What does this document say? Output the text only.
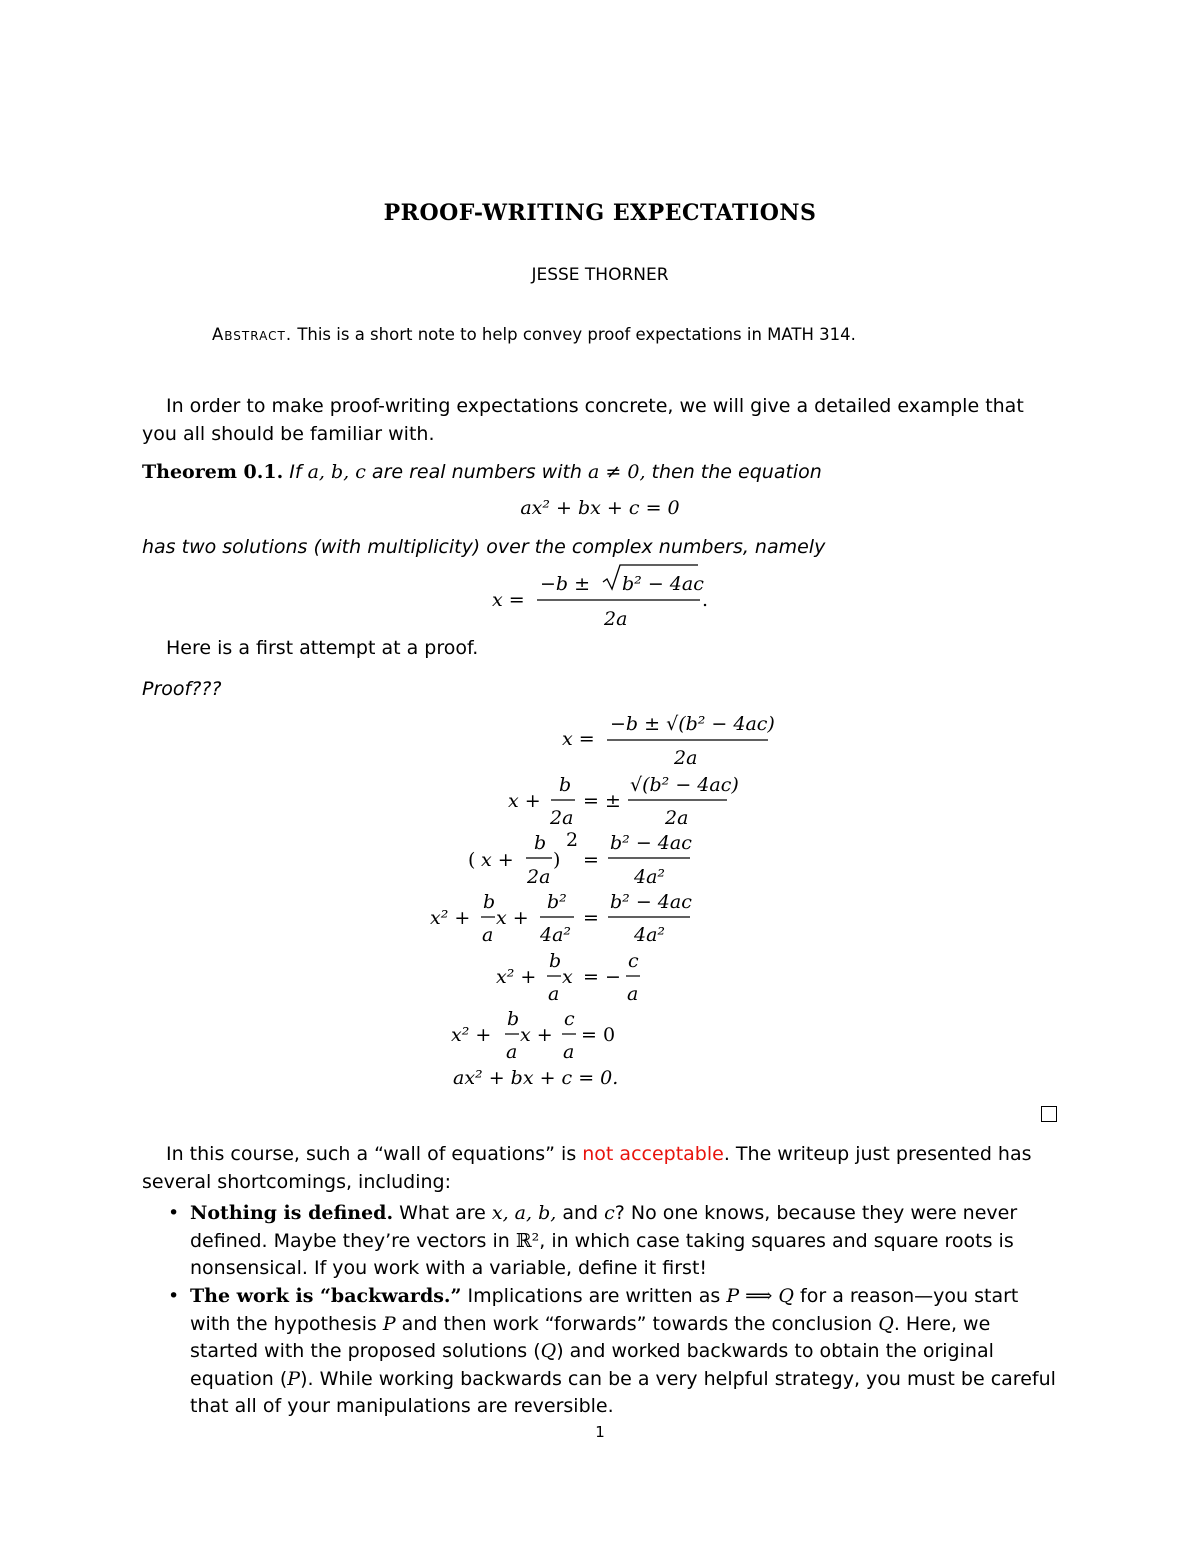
PROOF-WRITING EXPECTATIONS
JESSE THORNER
Abstract. This is a short note to help convey proof expectations in MATH 314.
In order to make proof-writing expectations concrete, we will give a detailed example that you all should be familiar with.
Theorem 0.1. If a, b, c are real numbers with a ≠ 0, then the equation
ax² + bx + c = 0
has two solutions (with multiplicity) over the complex numbers, namely
x =
−b ± b² − 4ac
2a
.
x =
−b ± √(b² − 4ac)
2a
x +
b
2a
= ±
√(b² − 4ac)
2a
( x +
b
2a
)
2
=
b² − 4ac
4a²
x² +
b
a
x +
b²
4a²
=
b² − 4ac
4a²
x² +
b
a
x = −
c
a
x² +
b
a
x +
c
a
= 0
ax² + bx + c = 0.
Here is a first attempt at a proof.
Proof???
In this course, such a “wall of equations” is not acceptable. The writeup just presented has several shortcomings, including:
• Nothing is defined. What are x, a, b, and c? No one knows, because they were never defined. Maybe they’re vectors in ℝ², in which case taking squares and square roots is nonsensical. If you work with a variable, define it first!
• The work is “backwards.” Implications are written as P ⟹ Q for a reason—you start with the hypothesis P and then work “forwards” towards the conclusion Q. Here, we started with the proposed solutions (Q) and worked backwards to obtain the original equation (P). While working backwards can be a very helpful strategy, you must be careful that all of your manipulations are reversible.
1
